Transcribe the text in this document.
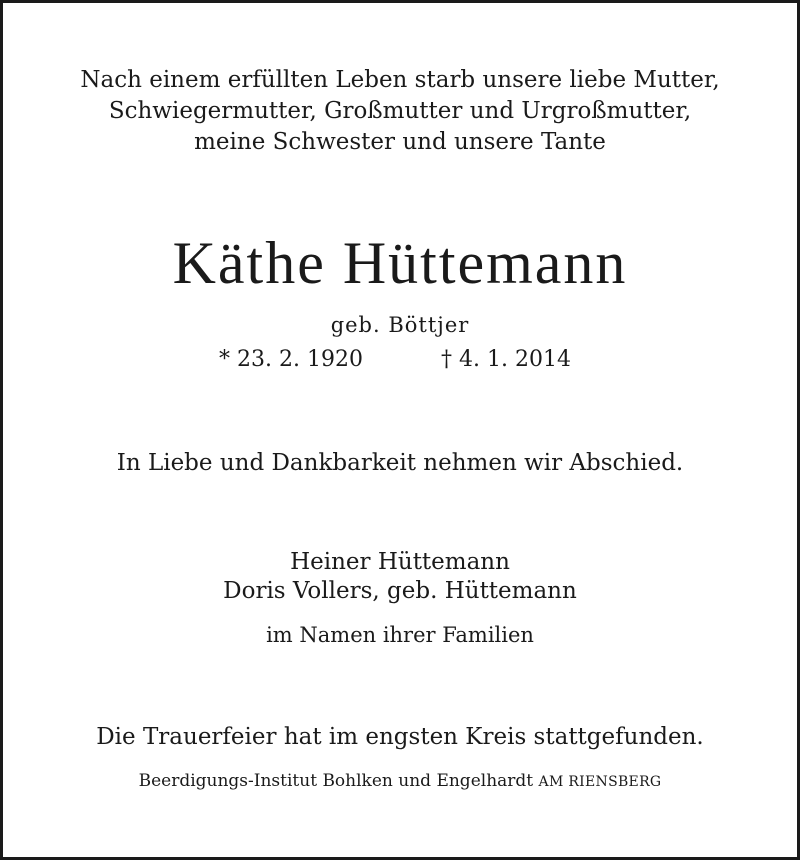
Nach einem erfüllten Leben starb unsere liebe Mutter,
Schwiegermutter, Großmutter und Urgroßmutter,
meine Schwester und unsere Tante
Käthe Hüttemann
geb. Böttjer
* 23. 2. 1920	† 4. 1. 2014
In Liebe und Dankbarkeit nehmen wir Abschied.
Heiner Hüttemann
Doris Vollers, geb. Hüttemann
im Namen ihrer Familien
Die Trauerfeier hat im engsten Kreis stattgefunden.
Beerdigungs-Institut Bohlken und Engelhardt AM RIENSBERG
